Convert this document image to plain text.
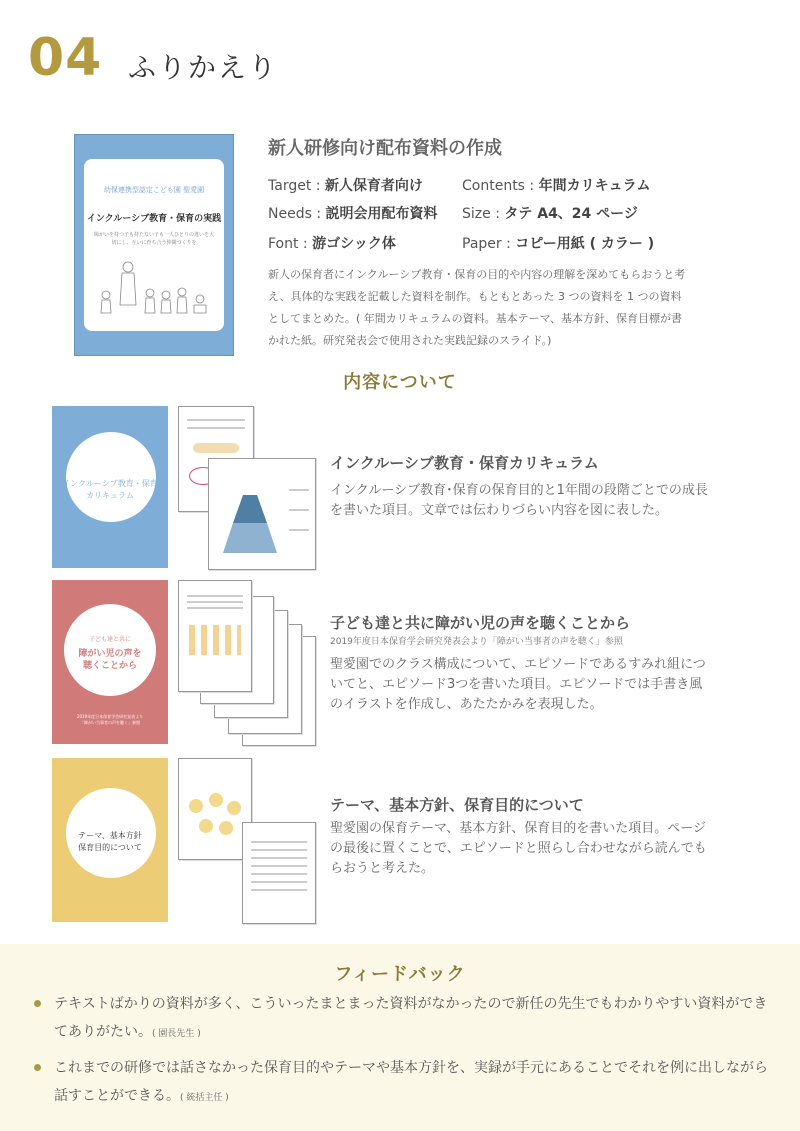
04 ふりかえり
幼保連携型認定こども園 聖愛園
インクルーシブ教育・保育の実践
障がいを持つ子も持たない子も一人ひとりの違いを大切にし、互いに育ち合う仲間づくりを
新人研修向け配布資料の作成
Target : 新人保育者向け	Contents : 年間カリキュラム
Needs : 説明会用配布資料 Size : タテ A4、24 ページ
Font : 游ゴシック体	Paper : コピー用紙 ( カラー )
新人の保育者にインクルーシブ教育・保育の目的や内容の理解を深めてもらおうと考え、具体的な実践を記載した資料を制作。もともとあった 3 つの資料を 1 つの資料としてまとめた。( 年間カリキュラムの資料。基本テーマ、基本方針、保育目標が書かれた紙。研究発表会で使用された実践記録のスライド。)
内容について
インクルーシブ教育・保育
カリキュラム
インクルーシブ教育・保育カリキュラム
インクルーシブ教育･保育の保育目的と1年間の段階ごとでの成長を書いた項目。文章では伝わりづらい内容を図に表した。
子ども達と共に
障がい児の声を
聴くことから
2019年度日本保育学会研究発表より
「障がい当事者の声を聴く」参照
子ども達と共に障がい児の声を聴くことから
2019年度日本保育学会研究発表会より「障がい当事者の声を聴く」参照
聖愛園でのクラス構成について、エピソードであるすみれ組についてと、エピソード3つを書いた項目。エピソードでは手書き風のイラストを作成し、あたたかみを表現した。
テーマ、基本方針
保育目的について
テーマ、基本方針、保育目的について
聖愛園の保育テーマ、基本方針、保育目的を書いた項目。ページの最後に置くことで、エピソードと照らし合わせながら読んでもらおうと考えた。
フィードバック
テキストばかりの資料が多く、こういったまとまった資料がなかったので新任の先生でもわかりやすい資料ができてありがたい。( 園長先生 )
これまでの研修では話さなかった保育目的やテーマや基本方針を、実録が手元にあることでそれを例に出しながら話すことができる。( 統括主任 )
